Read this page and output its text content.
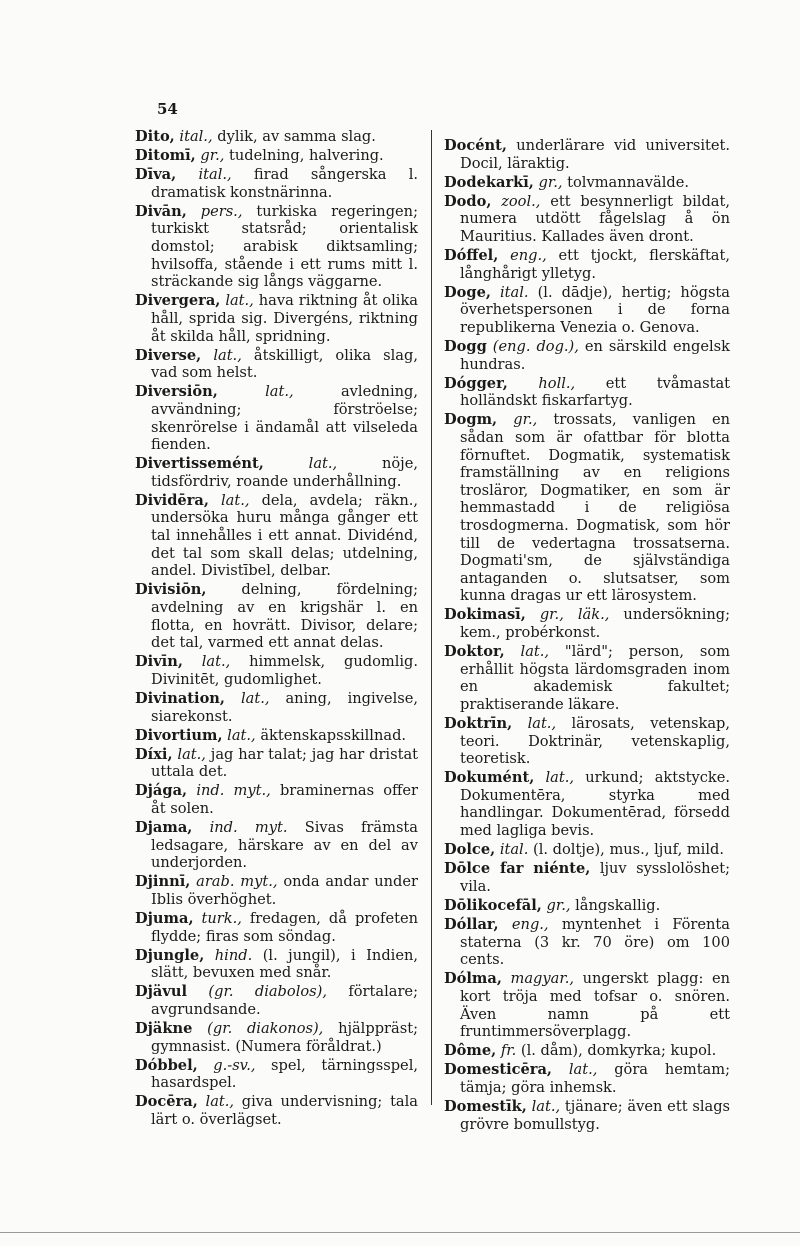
54

Dito, ital., dylik, av samma slag.

Ditomī, gr., tudelning, halvering.

Dīva, ital., firad sångerska l. dramatisk konstnärinna.

Divān, pers., turkiska regeringen; turkiskt statsråd; orientalisk domstol; arabisk diktsamling; hvilsoffa, stående i ett rums mitt l. sträckande sig långs väggarne.

Divergera, lat., hava riktning åt olika håll, sprida sig. Divergéns, riktning åt skilda håll, spridning.

Diverse, lat., åtskilligt, olika slag, vad som helst.

Diversiōn,	lat.,	avledning, avvändning; förströelse; skenrörelse i ändamål att vilseleda fienden.

Divertissemént,	lat.,	nöje, tidsfördriv, roande underhållning.

Dividēra, lat., dela, avdela; räkn., undersöka huru många gånger ett tal innehålles i ett annat. Dividénd, det tal som skall delas; utdelning, andel. Divistībel, delbar.

Divisiōn, delning, fördelning; avdelning av en krigshär l. en flotta, en hovrätt. Divisor, delare; det tal, varmed ett annat delas.

Divīn, lat., himmelsk, gudomlig. Divinitēt, gudomlighet.

Divination, lat., aning, ingivelse, siarekonst.

Divortium, lat., äktenskapsskillnad.

Díxi, lat., jag har talat; jag har dristat uttala det.

Djága, ind. myt., braminernas offer åt solen.

Djama, ind. myt. Sivas främsta ledsagare, härskare av en del av underjorden.

Djinnī, arab. myt., onda andar under Iblis överhöghet.

Djuma, turk., fredagen, då profeten flydde; firas som söndag.

Djungle, hind. (l. jungil), i Indien, slätt, bevuxen med snår.

Djävul (gr. diabolos), förtalare; avgrundsande.

Djäkne (gr. diakonos), hjälppräst; gymnasist. (Numera föråldrat.)

Dóbbel, g.-sv., spel, tärningsspel, hasardspel.

Docēra, lat., giva undervisning; tala lärt o. överlägset.

Docént, underlärare vid universitet. Docil, läraktig.

Dodekarkī, gr., tolvmannavälde.

Dodo, zool., ett besynnerligt bildat, numera utdött fågelslag å ön Mauritius. Kallades även dront.

Dóffel, eng., ett tjockt, flerskäftat, långhårigt ylletyg.

Doge, ital. (l. dādje), hertig; högsta överhetspersonen i de forna republikerna Venezia o. Genova.

Dogg (eng. dog.), en särskild engelsk hundras.

Dógger, holl., ett tvåmastat holländskt fiskarfartyg.

Dogm, gr., trossats, vanligen en sådan som är ofattbar för blotta förnuftet. Dogmatik, systematisk framställning av en religions trosläror, Dogmatiker, en som är hemmastadd i de religiösa trosdogmerna. Dogmatisk, som hör till de vedertagna trossatserna. Dogmati'sm, de självständiga antaganden o. slutsatser, som kunna dragas ur ett lärosystem.

Dokimasī, gr., läk., undersökning; kem., probérkonst.

Doktor, lat., "lärd"; person, som erhållit högsta lärdomsgraden inom en akademisk fakultet; praktiserande läkare.

Doktrīn, lat., lärosats, vetenskap, teori. Doktrinär, vetenskaplig, teoretisk.

Dokumént, lat., urkund; aktstycke. Dokumentēra, styrka med handlingar. Dokumentērad, försedd med lagliga bevis.

Dolce, ital. (l. doltje), mus., ljuf, mild.

Dōlce far niénte, ljuv sysslolöshet; vila.

Dōlikocefāl, gr., långskallig.

Dóllar, eng., myntenhet i Förenta staterna (3 kr. 70 öre) om 100 cents.

Dólma, magyar., ungerskt plagg: en kort tröja med tofsar o. snören. Även namn på ett fruntimmersöverplagg.

Dôme, fr. (l. dåm), domkyrka; kupol.

Domesticēra, lat., göra hemtam; tämja; göra inhemsk.

Domestīk, lat., tjänare; även ett slags grövre bomullstyg.
